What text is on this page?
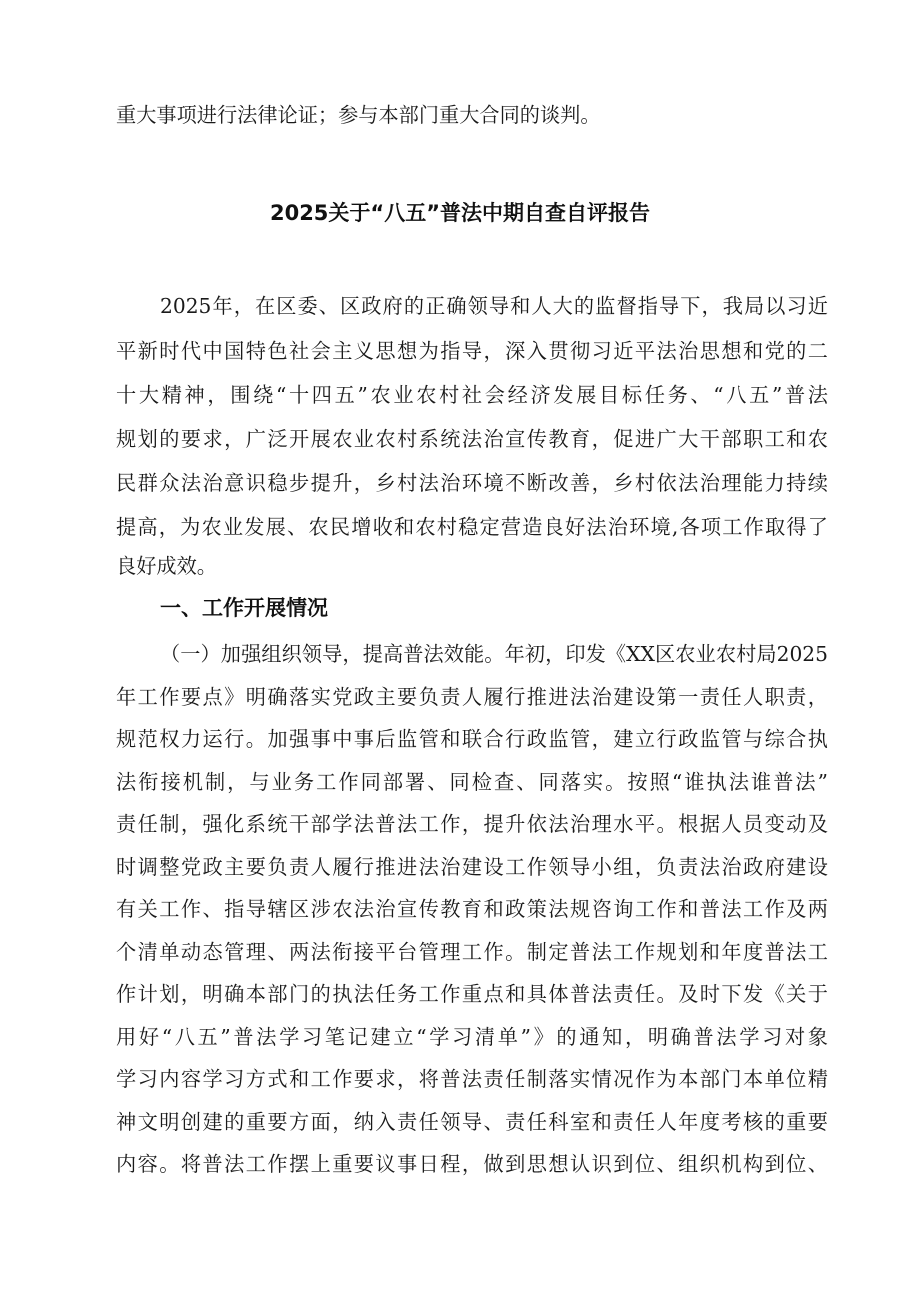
重大事项进行法律论证；参与本部门重大合同的谈判。
2025关于“八五”普法中期自查自评报告
2025年，在区委、区政府的正确领导和人大的监督指导下，我局以习近
平新时代中国特色社会主义思想为指导，深入贯彻习近平法治思想和党的二
十大精神，围绕“十四五”农业农村社会经济发展目标任务、“八五”普法
规划的要求，广泛开展农业农村系统法治宣传教育，促进广大干部职工和农
民群众法治意识稳步提升，乡村法治环境不断改善，乡村依法治理能力持续
提高，为农业发展、农民增收和农村稳定营造良好法治环境,各项工作取得了
良好成效。
一、工作开展情况
（一）加强组织领导，提高普法效能。年初，印发《XX区农业农村局2025
年工作要点》明确落实党政主要负责人履行推进法治建设第一责任人职责，
规范权力运行。加强事中事后监管和联合行政监管，建立行政监管与综合执
法衔接机制，与业务工作同部署、同检查、同落实。按照“谁执法谁普法”
责任制，强化系统干部学法普法工作，提升依法治理水平。根据人员变动及
时调整党政主要负责人履行推进法治建设工作领导小组，负责法治政府建设
有关工作、指导辖区涉农法治宣传教育和政策法规咨询工作和普法工作及两
个清单动态管理、两法衔接平台管理工作。制定普法工作规划和年度普法工
作计划，明确本部门的执法任务工作重点和具体普法责任。及时下发《关于
用好“八五”普法学习笔记建立“学习清单”》的通知，明确普法学习对象
学习内容学习方式和工作要求，将普法责任制落实情况作为本部门本单位精
神文明创建的重要方面，纳入责任领导、责任科室和责任人年度考核的重要
内容。将普法工作摆上重要议事日程，做到思想认识到位、组织机构到位、
